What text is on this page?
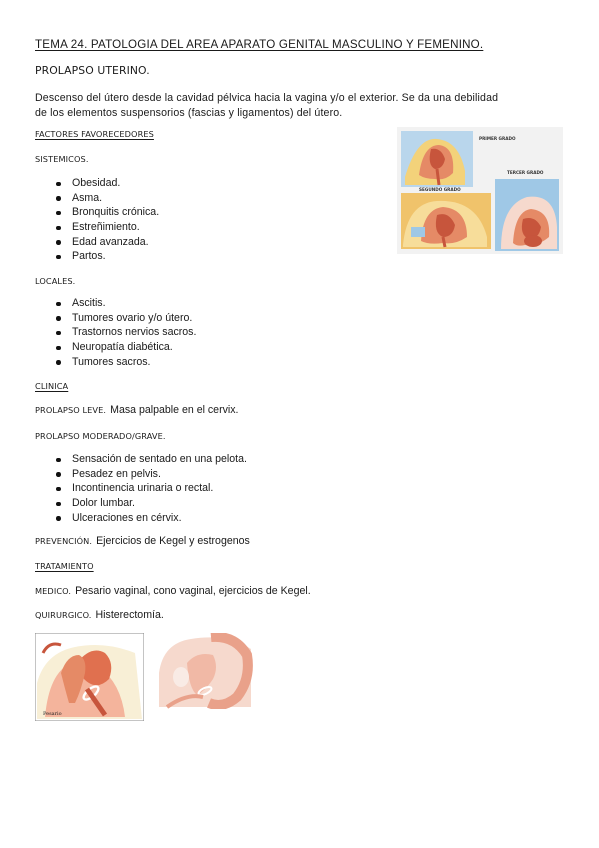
TEMA 24. PATOLOGIA DEL AREA APARATO GENITAL MASCULINO Y FEMENINO.
PROLAPSO UTERINO.
Descenso del útero desde la cavidad pélvica hacia la vagina y/o el exterior. Se da una debilidad
de los elementos suspensorios (fascias y ligamentos) del útero.
FACTORES FAVORECEDORES
SISTEMICOS.
Obesidad.
Asma.
Bronquitis crónica.
Estreñimiento.
Edad avanzada.
Partos.
LOCALES.
Ascitis.
Tumores ovario y/o útero.
Trastornos nervios sacros.
Neuropatía diabética.
Tumores sacros.
CLINICA
PROLAPSO LEVE. Masa palpable en el cervix.
PROLAPSO MODERADO/GRAVE.
Sensación de sentado en una pelota.
Pesadez en pelvis.
Incontinencia urinaria o rectal.
Dolor lumbar.
Ulceraciones en cérvix.
PREVENCIÓN. Ejercicios de Kegel y estrogenos
TRATAMIENTO
MEDICO. Pesario vaginal, cono vaginal, ejercicios de Kegel.
QUIRURGICO. Histerectomía.
PRIMER GRADO
SEGUNDO GRADO
TERCER GRADO
Pesario
